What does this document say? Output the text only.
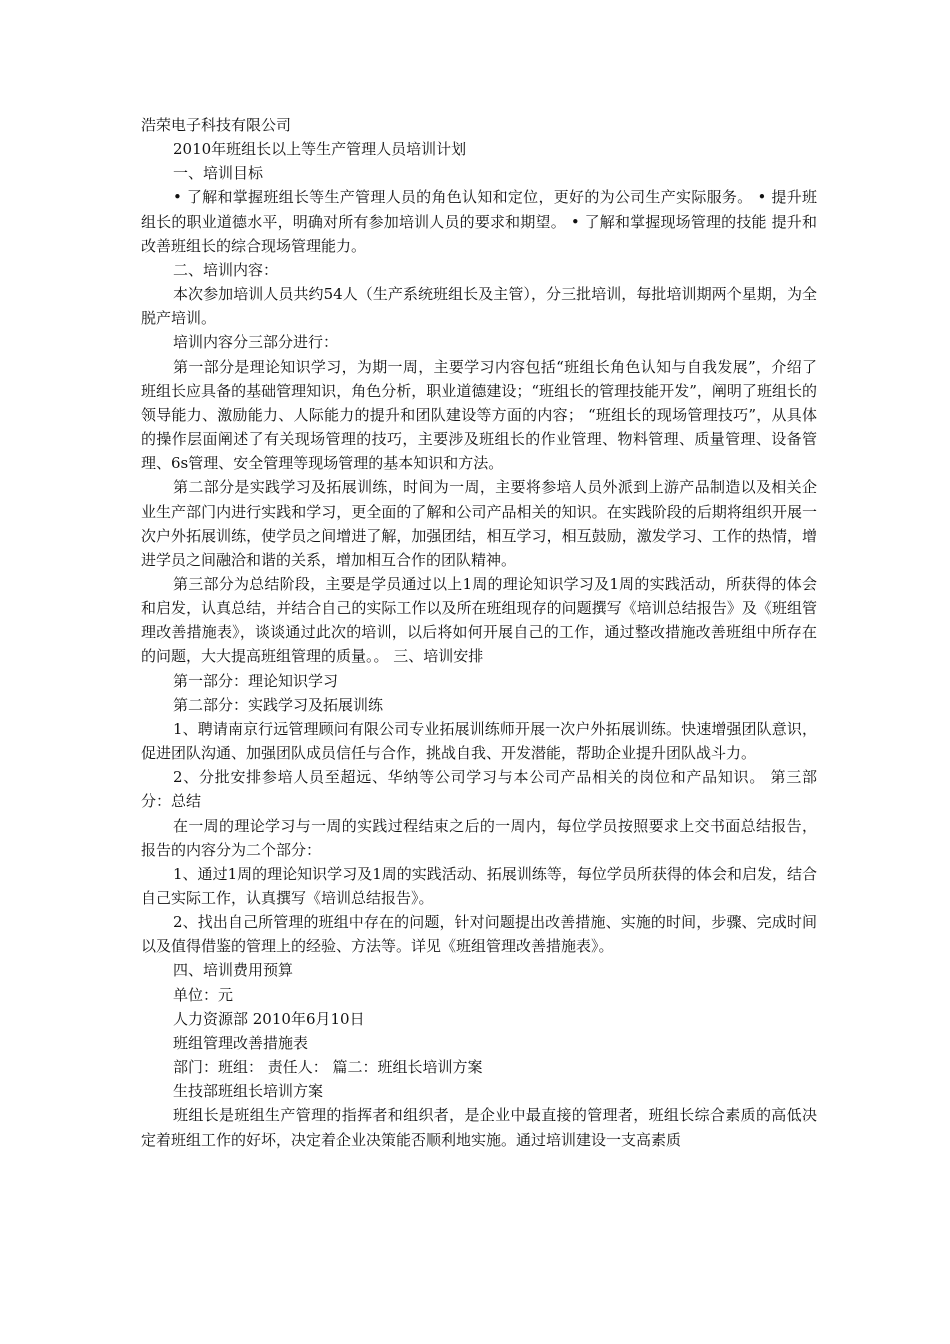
浩荣电子科技有限公司

2010年班组长以上等生产管理人员培训计划

一、培训目标

• 了解和掌握班组长等生产管理人员的角色认知和定位，更好的为公司生产实际服务。 • 提升班组长的职业道德水平，明确对所有参加培训人员的要求和期望。 • 了解和掌握现场管理的技能 提升和改善班组长的综合现场管理能力。

二、培训内容：

本次参加培训人员共约54人（生产系统班组长及主管），分三批培训，每批培训期两个星期，为全脱产培训。

培训内容分三部分进行：

第一部分是理论知识学习，为期一周，主要学习内容包括“班组长角色认知与自我发展”，介绍了班组长应具备的基础管理知识，角色分析，职业道德建设；“班组长的管理技能开发”，阐明了班组长的领导能力、激励能力、人际能力的提升和团队建设等方面的内容； “班组长的现场管理技巧”，从具体的操作层面阐述了有关现场管理的技巧，主要涉及班组长的作业管理、物料管理、质量管理、设备管理、6s管理、安全管理等现场管理的基本知识和方法。

第二部分是实践学习及拓展训练，时间为一周，主要将参培人员外派到上游产品制造以及相关企业生产部门内进行实践和学习，更全面的了解和公司产品相关的知识。在实践阶段的后期将组织开展一次户外拓展训练，使学员之间增进了解，加强团结，相互学习，相互鼓励，激发学习、工作的热情，增进学员之间融洽和谐的关系，增加相互合作的团队精神。

第三部分为总结阶段，主要是学员通过以上1周的理论知识学习及1周的实践活动，所获得的体会和启发，认真总结，并结合自己的实际工作以及所在班组现存的问题撰写《培训总结报告》及《班组管理改善措施表》，谈谈通过此次的培训，以后将如何开展自己的工作，通过整改措施改善班组中所存在的问题，大大提高班组管理的质量。。 三、培训安排

第一部分：理论知识学习

第二部分：实践学习及拓展训练

1、聘请南京行远管理顾问有限公司专业拓展训练师开展一次户外拓展训练。快速增强团队意识，促进团队沟通、加强团队成员信任与合作，挑战自我、开发潜能，帮助企业提升团队战斗力。

2、分批安排参培人员至超远、华纳等公司学习与本公司产品相关的岗位和产品知识。 第三部分：总结

在一周的理论学习与一周的实践过程结束之后的一周内，每位学员按照要求上交书面总结报告，报告的内容分为二个部分：

1、通过1周的理论知识学习及1周的实践活动、拓展训练等，每位学员所获得的体会和启发，结合自己实际工作，认真撰写《培训总结报告》。

2、找出自己所管理的班组中存在的问题，针对问题提出改善措施、实施的时间，步骤、完成时间以及值得借鉴的管理上的经验、方法等。详见《班组管理改善措施表》。

四、培训费用预算

单位：元

人力资源部 2010年6月10日

班组管理改善措施表

部门：班组： 责任人： 篇二：班组长培训方案

生技部班组长培训方案

班组长是班组生产管理的指挥者和组织者，是企业中最直接的管理者，班组长综合素质的高低决定着班组工作的好坏，决定着企业决策能否顺利地实施。通过培训建设一支高素质
